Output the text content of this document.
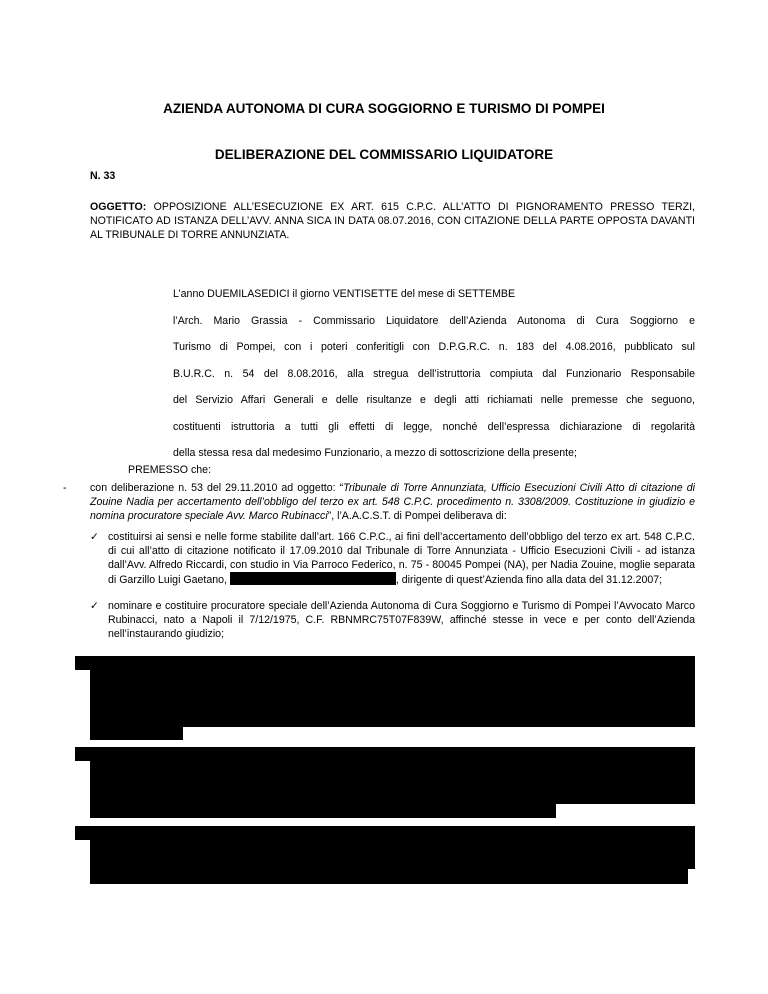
AZIENDA AUTONOMA DI CURA SOGGIORNO E TURISMO DI POMPEI
DELIBERAZIONE DEL COMMISSARIO LIQUIDATORE
N. 33
OGGETTO: OPPOSIZIONE ALL’ESECUZIONE EX ART. 615 C.P.C. ALL’ATTO DI PIGNORAMENTO PRESSO TERZI, NOTIFICATO AD ISTANZA DELL’AVV. ANNA SICA IN DATA 08.07.2016, CON CITAZIONE DELLA PARTE OPPOSTA DAVANTI AL TRIBUNALE DI TORRE ANNUNZIATA.
L’anno DUEMILASEDICI il giorno VENTISETTE del mese di SETTEMBE
l’Arch. Mario Grassia - Commissario Liquidatore dell’Azienda Autonoma di Cura Soggiorno e
Turismo di Pompei, con i poteri conferitigli con D.P.G.R.C. n. 183 del 4.08.2016, pubblicato sul
B.U.R.C. n. 54 del 8.08.2016, alla stregua dell’istruttoria compiuta dal Funzionario Responsabile
del Servizio Affari Generali e delle risultanze e degli atti richiamati nelle premesse che seguono,
costituenti istruttoria a tutti gli effetti di legge, nonché dell’espressa dichiarazione di regolarità
della stessa resa dal medesimo Funzionario, a mezzo di sottoscrizione della presente;
PREMESSO che:
- con deliberazione n. 53 del 29.11.2010 ad oggetto: “Tribunale di Torre Annunziata, Ufficio Esecuzioni Civili Atto di citazione di Zouine Nadia per accertamento dell’obbligo del terzo ex art. 548 C.P.C. procedimento n. 3308/2009. Costituzione in giudizio e nomina procuratore speciale Avv. Marco Rubinacci”, l’A.A.C.S.T. di Pompei deliberava di:
✓ costituirsi ai sensi e nelle forme stabilite dall’art. 166 C.P.C., ai fini dell’accertamento dell’obbligo del terzo ex art. 548 C.P.C. di cui all’atto di citazione notificato il 17.09.2010 dal Tribunale di Torre Annunziata - Ufficio Esecuzioni Civili - ad istanza dall’Avv. Alfredo Riccardi, con studio in Via Parroco Federico, n. 75 - 80045 Pompei (NA), per Nadia Zouine, moglie separata di Garzillo Luigi Gaetano,	, dirigente di quest’Azienda fino alla data del 31.12.2007;
✓ nominare e costituire procuratore speciale dell’Azienda Autonoma di Cura Soggiorno e Turismo di Pompei l’Avvocato Marco Rubinacci, nato a Napoli il 7/12/1975, C.F. RBNMRC75T07F839W, affinché stesse in vece e per conto dell’Azienda nell’instaurando giudizio;
